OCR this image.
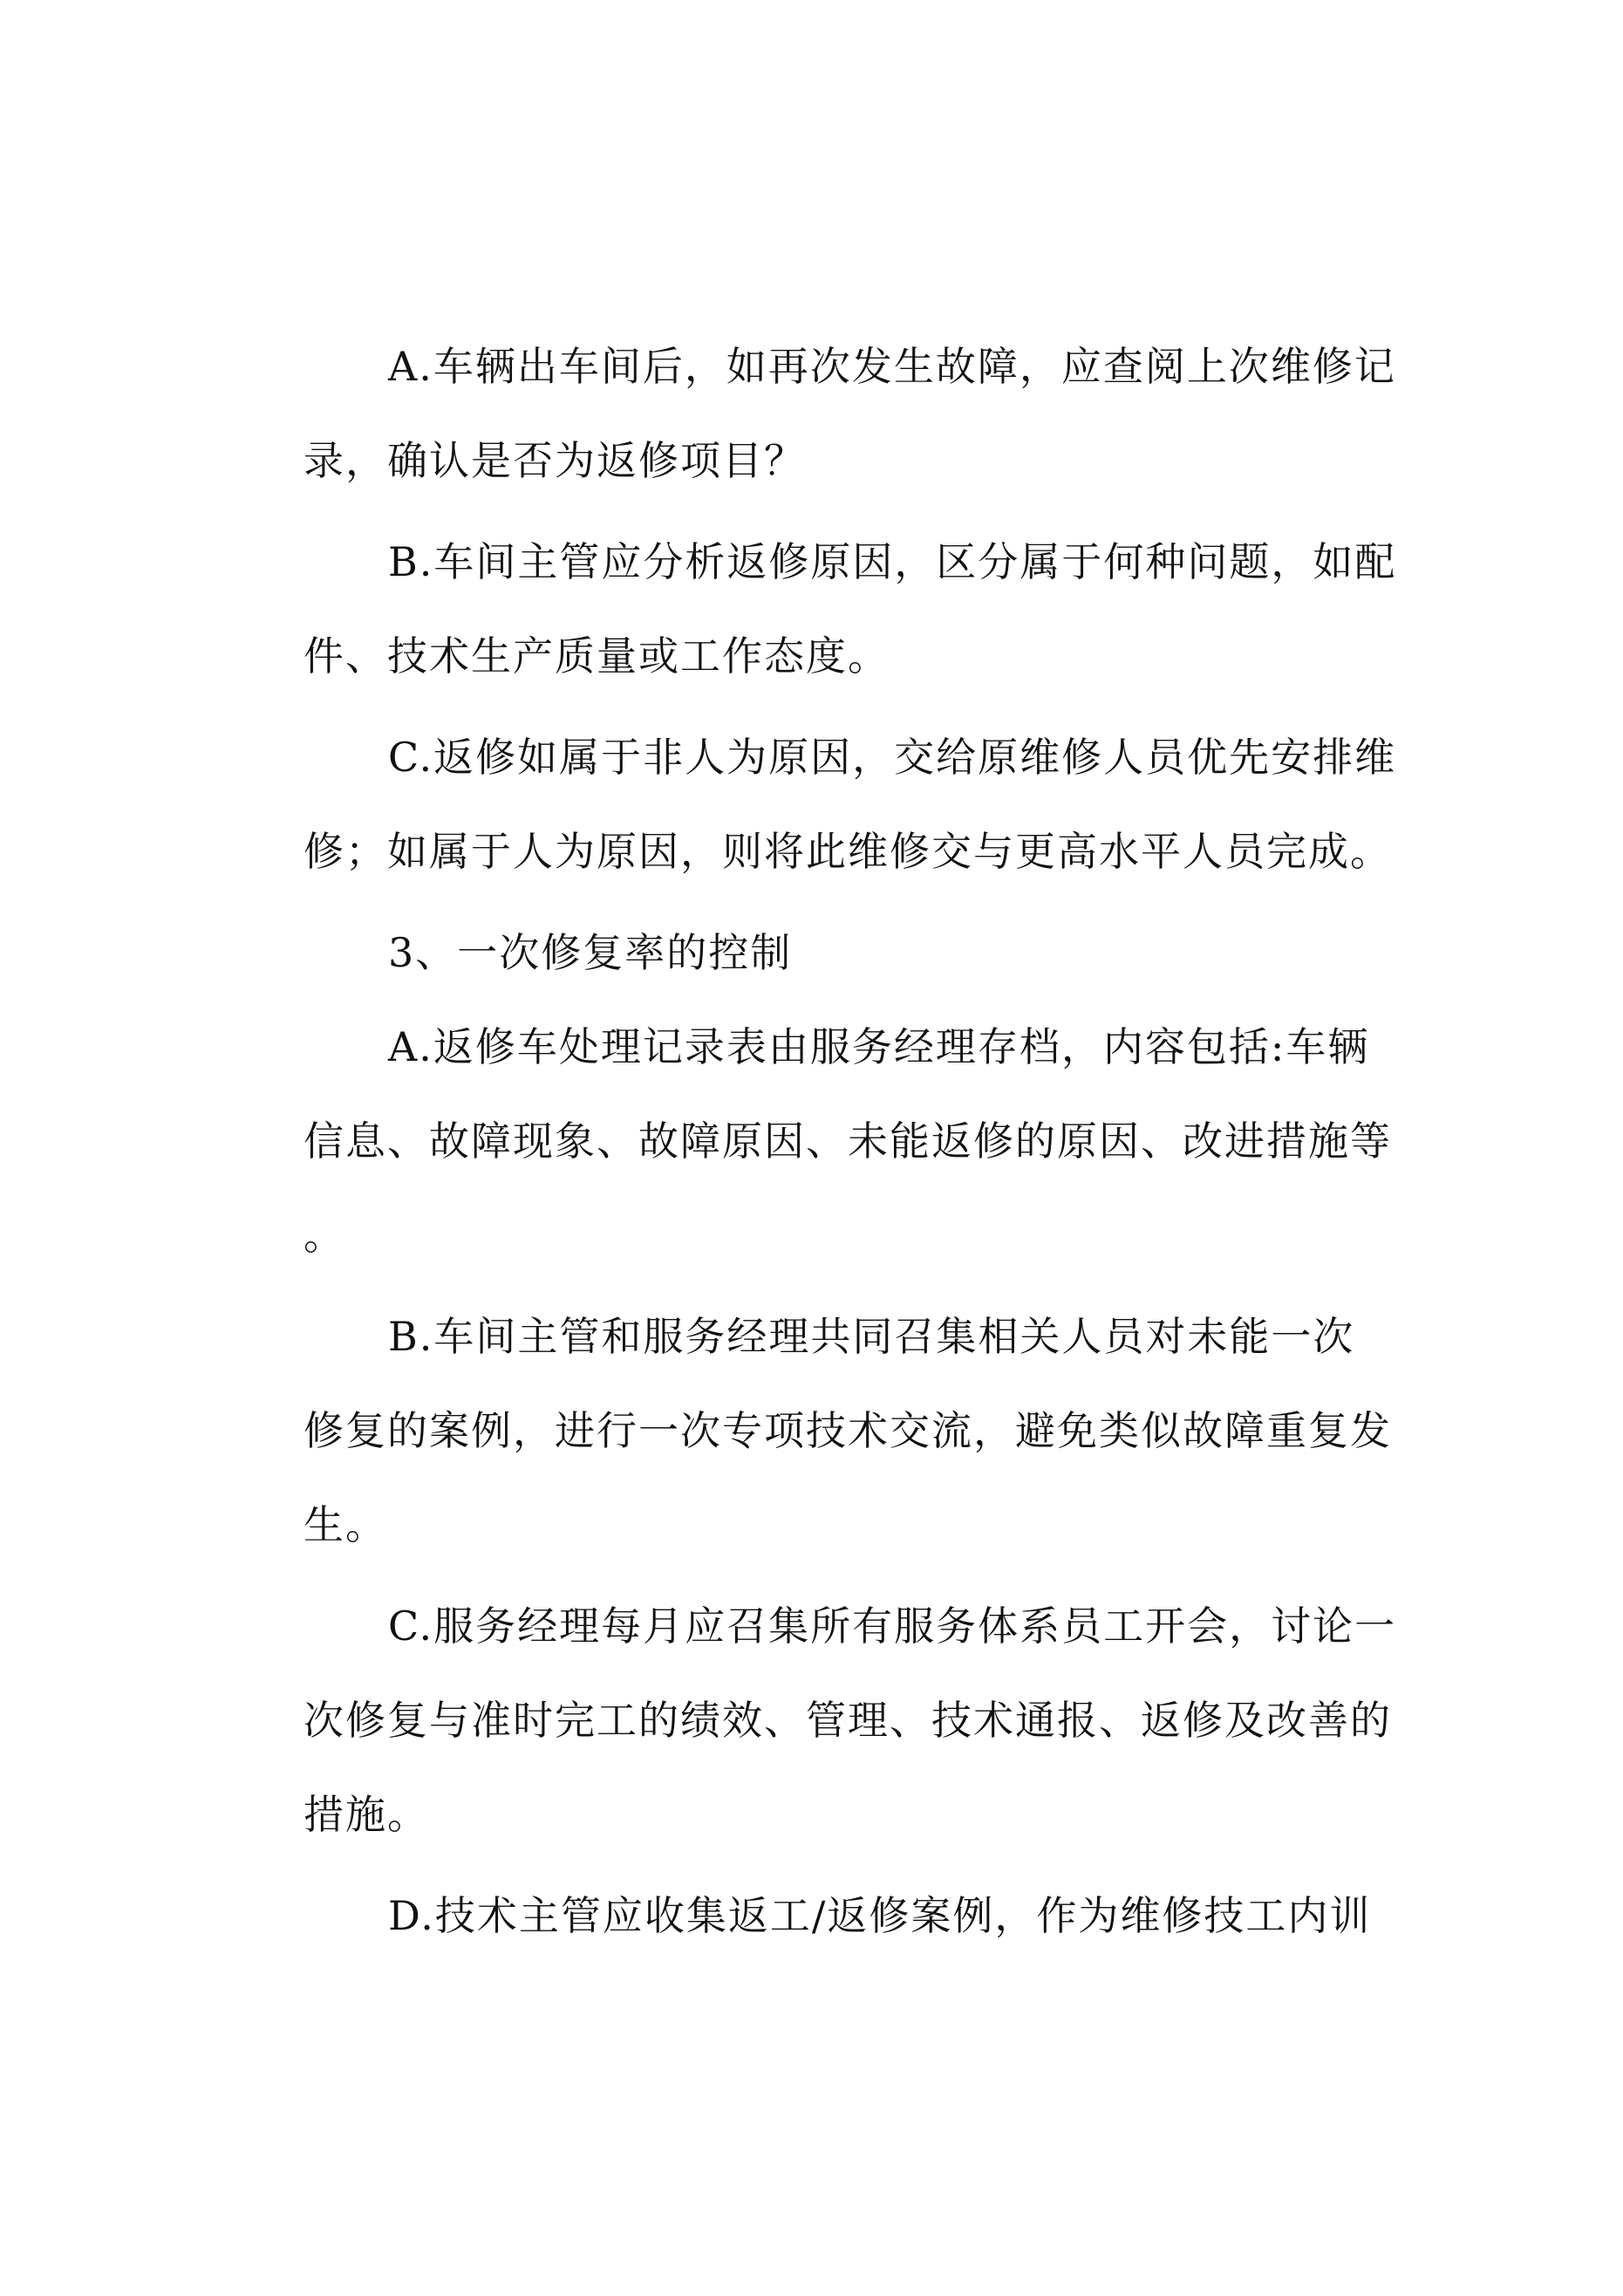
A.车辆出车间后，如再次发生故障，应查阅上次维修记

录，确认是否为返修项目？

B.车间主管应分析返修原因，区分属于何种问题，如配

件、技术生产质量或工作态度。

C.返修如属于非人为原因，交给原维修人员优先安排维

修；如属于人为原因，则将此维修交与更高水平人员完成。

3、一次修复率的控制

A.返修车处理记录表由服务经理存档，内容包括:车辆

信息、故障现象、故障原因、未能返修的原因、改进措施等

。

B.车间主管和服务经理共同召集相关人员对未能一次

修复的案例，进行一次专项技术交流，避免类似故障重复发

生。

C.服务经理每月应召集所有服务体系员工开会，讨论一

次修复与准时完工的绩效、管理、技术通报、返修及改善的

措施。

D.技术主管应收集返工/返修案例，作为维修技工内训
